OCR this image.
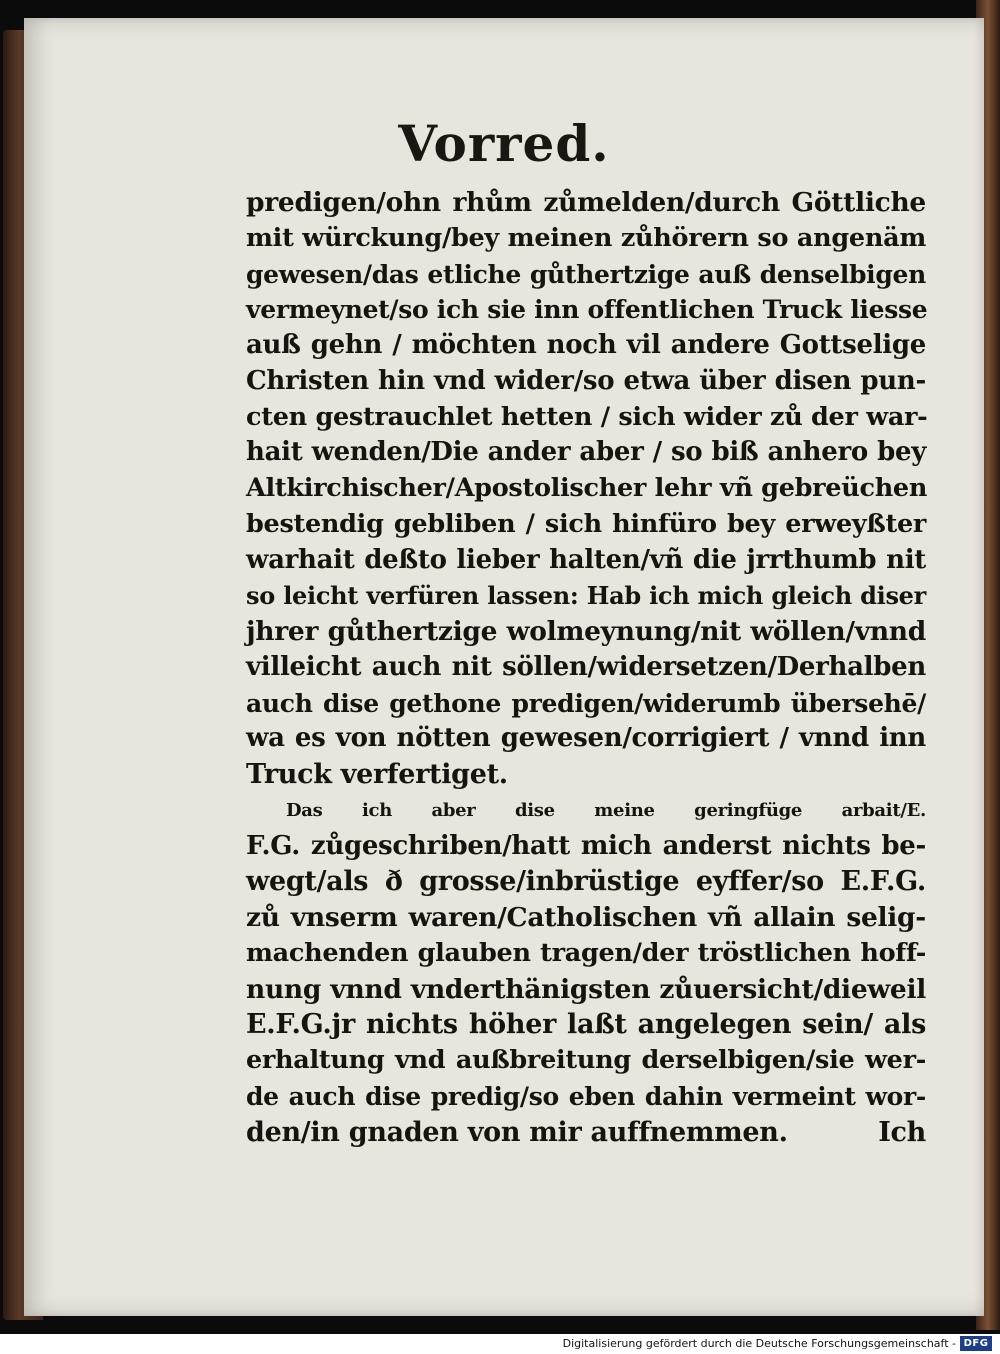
Vorred.
predigen/ohn rhům zůmelden/durch Göttliche
mit würckung/bey meinen zůhörern so angenäm
gewesen/das etliche gůthertzige auß denselbigen
vermeynet/so ich sie inn offentlichen Truck liesse
auß gehn / möchten noch vil andere Gottselige
Christen hin vnd wider/so etwa über disen pun-
cten gestrauchlet hetten / sich wider zů der war-
hait wenden/Die ander aber / so biß anhero bey
Altkirchischer/Apostolischer lehr vñ gebreüchen
bestendig gebliben / sich hinfüro bey erweyßter
warhait deßto lieber halten/vñ die jrrthumb nit
so leicht verfüren lassen: Hab ich mich gleich diser
jhrer gůthertzige wolmeynung/nit wöllen/vnnd
villeicht auch nit söllen/widersetzen/Derhalben
auch dise gethone predigen/widerumb übersehē/
wa es von nötten gewesen/corrigiert / vnnd inn
Truck verfertiget.
Das ich aber dise meine geringfüge arbait/E.
F.G. zůgeschriben/hatt mich anderst nichts be-
wegt/als ð grosse/inbrüstige eyffer/so E.F.G.
zů vnserm waren/Catholischen vñ allain selig-
machenden glauben tragen/der tröstlichen hoff-
nung vnnd vnderthänigsten zůuersicht/dieweil
E.F.G.jr nichts höher laßt angelegen sein/ als
erhaltung vnd außbreitung derselbigen/sie wer-
de auch dise predig/so eben dahin vermeint wor-
den/in gnaden von mir auffnemmen.	Ich
Digitalisierung gefördert durch die Deutsche Forschungsgemeinschaft - DFG
